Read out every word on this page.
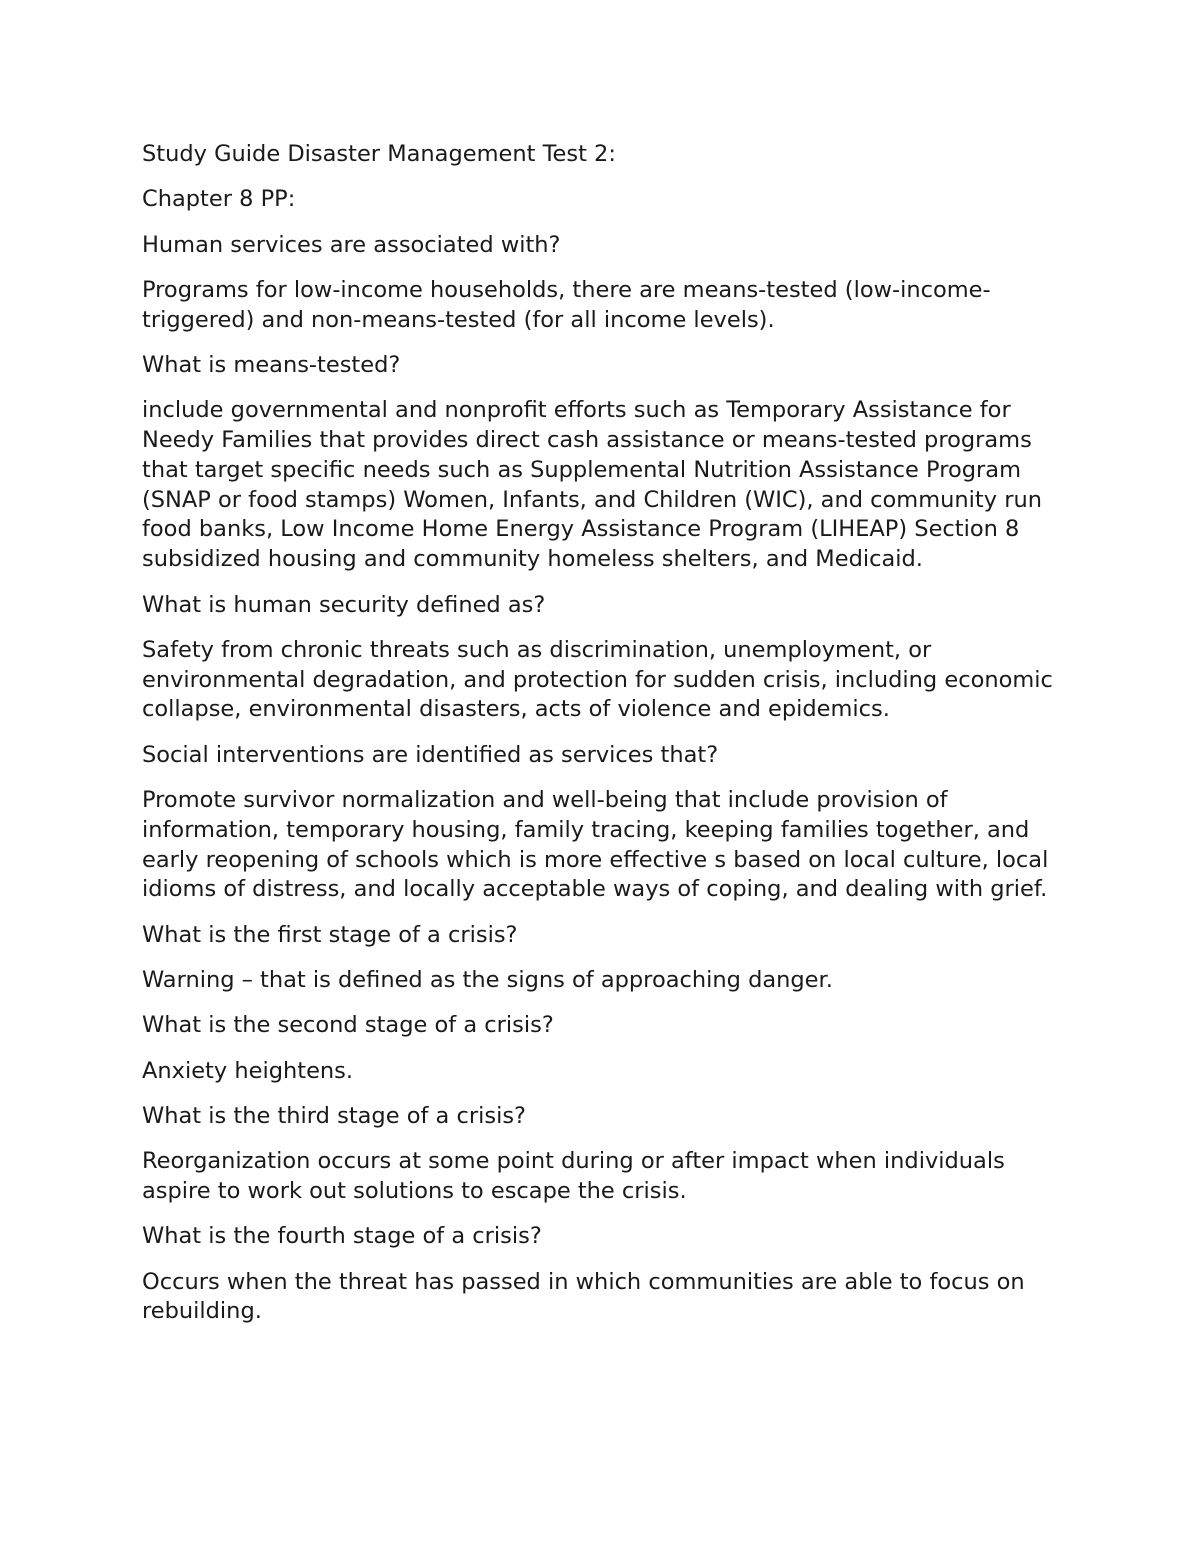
Study Guide Disaster Management Test 2:

Chapter 8 PP:

Human services are associated with?

Programs for low-income households, there are means-tested (low-income-triggered) and non-means-tested (for all income levels).

What is means-tested?

include governmental and nonprofit efforts such as Temporary Assistance for Needy Families that provides direct cash assistance or means-tested programs that target specific needs such as Supplemental Nutrition Assistance Program (SNAP or food stamps) Women, Infants, and Children (WIC), and community run food banks, Low Income Home Energy Assistance Program (LIHEAP) Section 8 subsidized housing and community homeless shelters, and Medicaid.

What is human security defined as?

Safety from chronic threats such as discrimination, unemployment, or environmental degradation, and protection for sudden crisis, including economic collapse, environmental disasters, acts of violence and epidemics.

Social interventions are identified as services that?

Promote survivor normalization and well-being that include provision of information, temporary housing, family tracing, keeping families together, and early reopening of schools which is more effective s based on local culture, local idioms of distress, and locally acceptable ways of coping, and dealing with grief.

What is the first stage of a crisis?

Warning – that is defined as the signs of approaching danger.

What is the second stage of a crisis?

Anxiety heightens.

What is the third stage of a crisis?

Reorganization occurs at some point during or after impact when individuals aspire to work out solutions to escape the crisis.

What is the fourth stage of a crisis?

Occurs when the threat has passed in which communities are able to focus on rebuilding.
